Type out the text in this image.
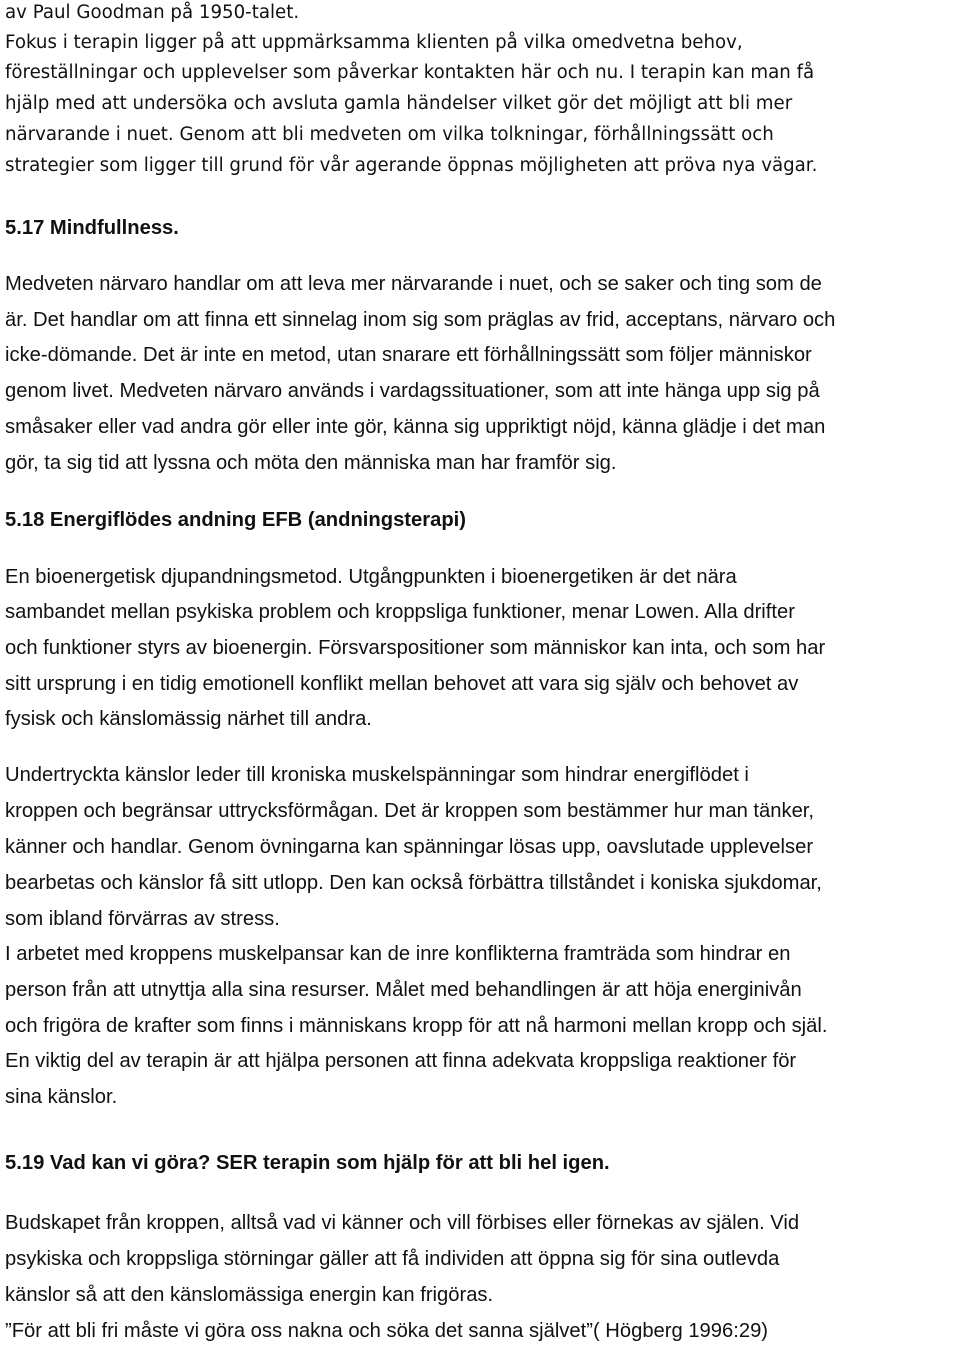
av Paul Goodman på 1950-talet.
Fokus i terapin ligger på att uppmärksamma klienten på vilka omedvetna behov,
föreställningar och upplevelser som påverkar kontakten här och nu. I terapin kan man få
hjälp med att undersöka och avsluta gamla händelser vilket gör det möjligt att bli mer
närvarande i nuet. Genom att bli medveten om vilka tolkningar, förhållningssätt och
strategier som ligger till grund för vår agerande öppnas möjligheten att pröva nya vägar.
5.17 Mindfullness.
Medveten närvaro handlar om att leva mer närvarande i nuet, och se saker och ting som de
är. Det handlar om att finna ett sinnelag inom sig som präglas av frid, acceptans, närvaro och
icke-dömande. Det är inte en metod, utan snarare ett förhållningssätt som följer människor
genom livet. Medveten närvaro används i vardagssituationer, som att inte hänga upp sig på
småsaker eller vad andra gör eller inte gör, känna sig uppriktigt nöjd, känna glädje i det man
gör, ta sig tid att lyssna och möta den människa man har framför sig.
5.18 Energiflödes andning EFB (andningsterapi)
En bioenergetisk djupandningsmetod. Utgångpunkten i bioenergetiken är det nära
sambandet mellan psykiska problem och kroppsliga funktioner, menar Lowen. Alla drifter
och funktioner styrs av bioenergin. Försvarspositioner som människor kan inta, och som har
sitt ursprung i en tidig emotionell konflikt mellan behovet att vara sig själv och behovet av
fysisk och känslomässig närhet till andra.
Undertryckta känslor leder till kroniska muskelspänningar som hindrar energiflödet i
kroppen och begränsar uttrycksförmågan. Det är kroppen som bestämmer hur man tänker,
känner och handlar. Genom övningarna kan spänningar lösas upp, oavslutade upplevelser
bearbetas och känslor få sitt utlopp. Den kan också förbättra tillståndet i koniska sjukdomar,
som ibland förvärras av stress.
I arbetet med kroppens muskelpansar kan de inre konflikterna framträda som hindrar en
person från att utnyttja alla sina resurser. Målet med behandlingen är att höja energinivån
och frigöra de krafter som finns i människans kropp för att nå harmoni mellan kropp och själ.
En viktig del av terapin är att hjälpa personen att finna adekvata kroppsliga reaktioner för
sina känslor.
5.19 Vad kan vi göra? SER terapin som hjälp för att bli hel igen.
Budskapet från kroppen, alltså vad vi känner och vill förbises eller förnekas av själen. Vid
psykiska och kroppsliga störningar gäller att få individen att öppna sig för sina outlevda
känslor så att den känslomässiga energin kan frigöras.
”För att bli fri måste vi göra oss nakna och söka det sanna självet”( Högberg 1996:29)
